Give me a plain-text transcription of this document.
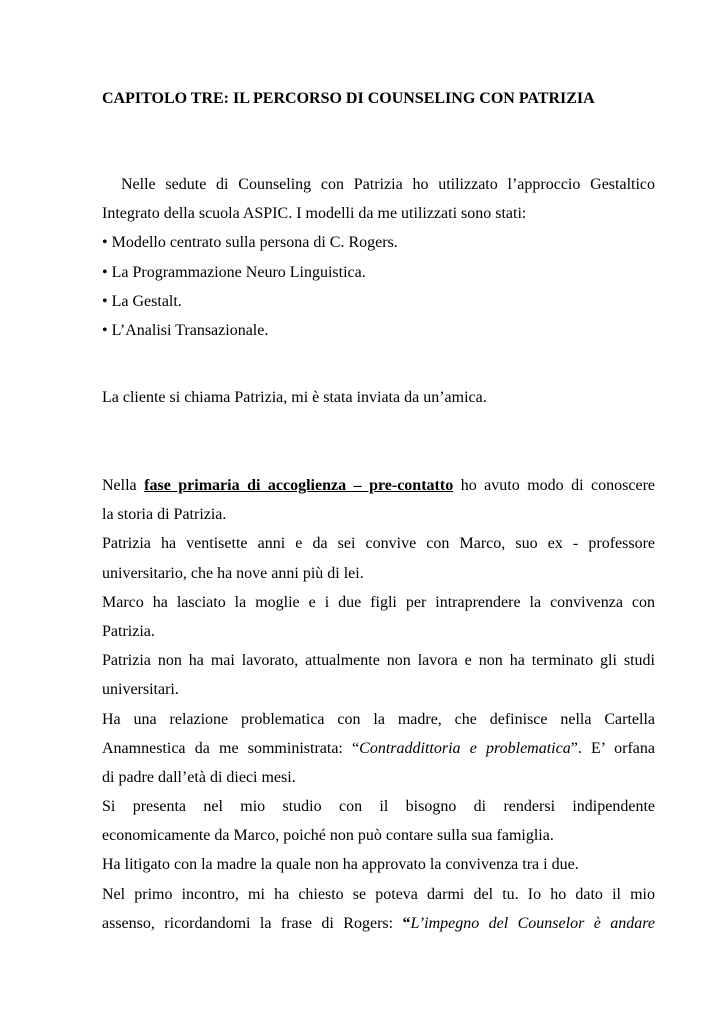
CAPITOLO TRE: IL PERCORSO DI COUNSELING CON PATRIZIA
Nelle sedute di Counseling con Patrizia ho utilizzato l’approccio Gestaltico
Integrato della scuola ASPIC. I modelli da me utilizzati sono stati:
• Modello centrato sulla persona di C. Rogers.
• La Programmazione Neuro Linguistica.
• La Gestalt.
• L’Analisi Transazionale.
La cliente si chiama Patrizia, mi è stata inviata da un’amica.
Nella fase primaria di accoglienza – pre-contatto ho avuto modo di conoscere
la storia di Patrizia.
Patrizia ha ventisette anni e da sei convive con Marco, suo ex - professore
universitario, che ha nove anni più di lei.
Marco ha lasciato la moglie e i due figli per intraprendere la convivenza con
Patrizia.
Patrizia non ha mai lavorato, attualmente non lavora e non ha terminato gli studi
universitari.
Ha una relazione problematica con la madre, che definisce nella Cartella
Anamnestica da me somministrata: “Contraddittoria e problematica”. E’ orfana
di padre dall’età di dieci mesi.
Si presenta nel mio studio con il bisogno di rendersi indipendente
economicamente da Marco, poiché non può contare sulla sua famiglia.
Ha litigato con la madre la quale non ha approvato la convivenza tra i due.
Nel primo incontro, mi ha chiesto se poteva darmi del tu. Io ho dato il mio
assenso, ricordandomi la frase di Rogers: “L’impegno del Counselor è andare
